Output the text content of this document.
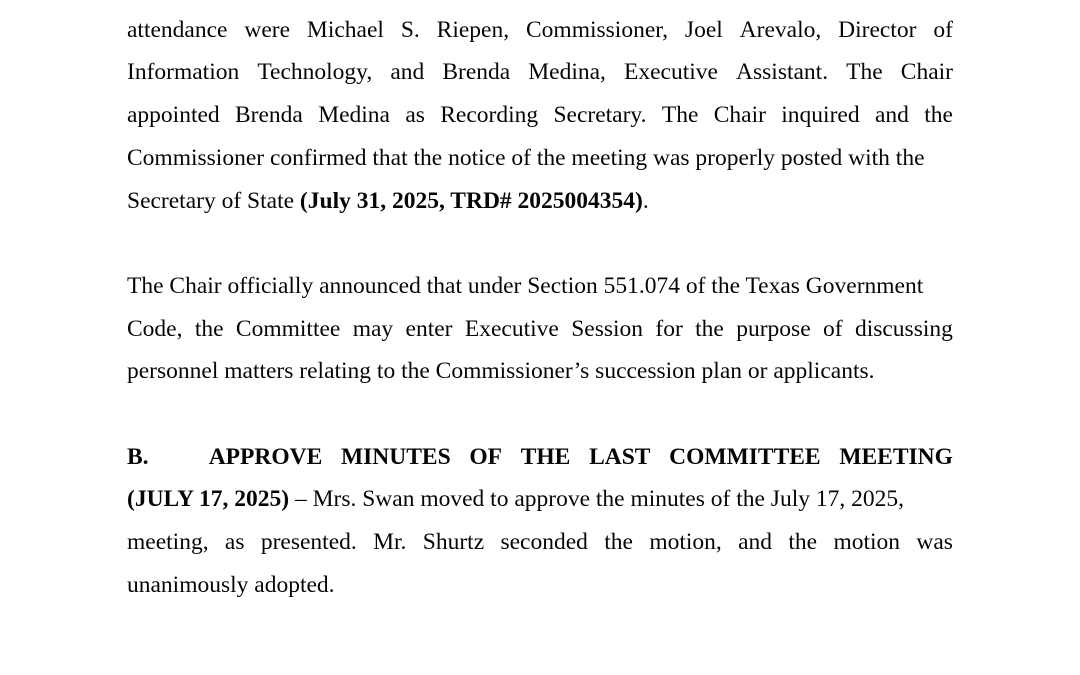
attendance were Michael S. Riepen, Commissioner, Joel Arevalo, Director of
Information Technology, and Brenda Medina, Executive Assistant. The Chair
appointed Brenda Medina as Recording Secretary. The Chair inquired and the
Commissioner confirmed that the notice of the meeting was properly posted with the
Secretary of State (July 31, 2025, TRD# 2025004354).

The Chair officially announced that under Section 551.074 of the Texas Government
Code, the Committee may enter Executive Session for the purpose of discussing
personnel matters relating to the Commissioner’s succession plan or applicants.

B.	APPROVE MINUTES OF THE LAST COMMITTEE MEETING
(JULY 17, 2025) – Mrs. Swan moved to approve the minutes of the July 17, 2025,
meeting, as presented. Mr. Shurtz seconded the motion, and the motion was
unanimously adopted.
